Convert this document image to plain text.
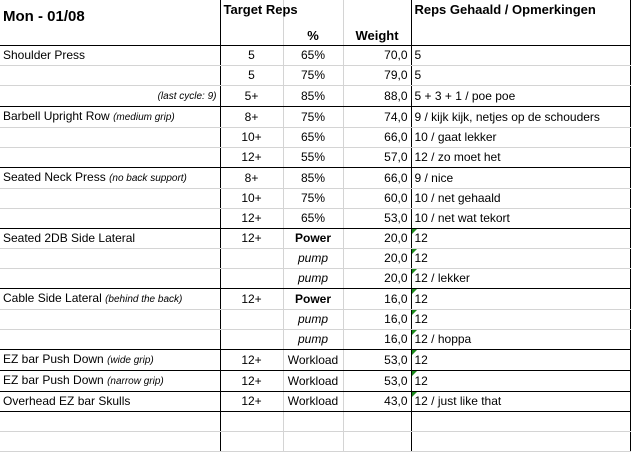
Mon - 01/08	Target Reps	%	Weight	Reps Gehaald / Opmerkingen
Shoulder Press	5	65%	70,0	5
	5	75%	79,0	5
(last cycle: 9)	5+	85%	88,0	5 + 3 + 1 / poe poe
Barbell Upright Row (medium grip)	8+	75%	74,0	9 / kijk kijk, netjes op de schouders
	10+	65%	66,0	10 / gaat lekker
	12+	55%	57,0	12 / zo moet het
Seated Neck Press (no back support)	8+	85%	66,0	9 / nice
	10+	75%	60,0	10 / net gehaald
	12+	65%	53,0	10 / net wat tekort
Seated 2DB Side Lateral	12+	Power	20,0	12
		pump	20,0	12
		pump	20,0	12 / lekker
Cable Side Lateral (behind the back)	12+	Power	16,0	12
		pump	16,0	12
		pump	16,0	12 / hoppa
EZ bar Push Down (wide grip)	12+	Workload	53,0	12
EZ bar Push Down (narrow grip)	12+	Workload	53,0	12
Overhead EZ bar Skulls	12+	Workload	43,0	12 / just like that
